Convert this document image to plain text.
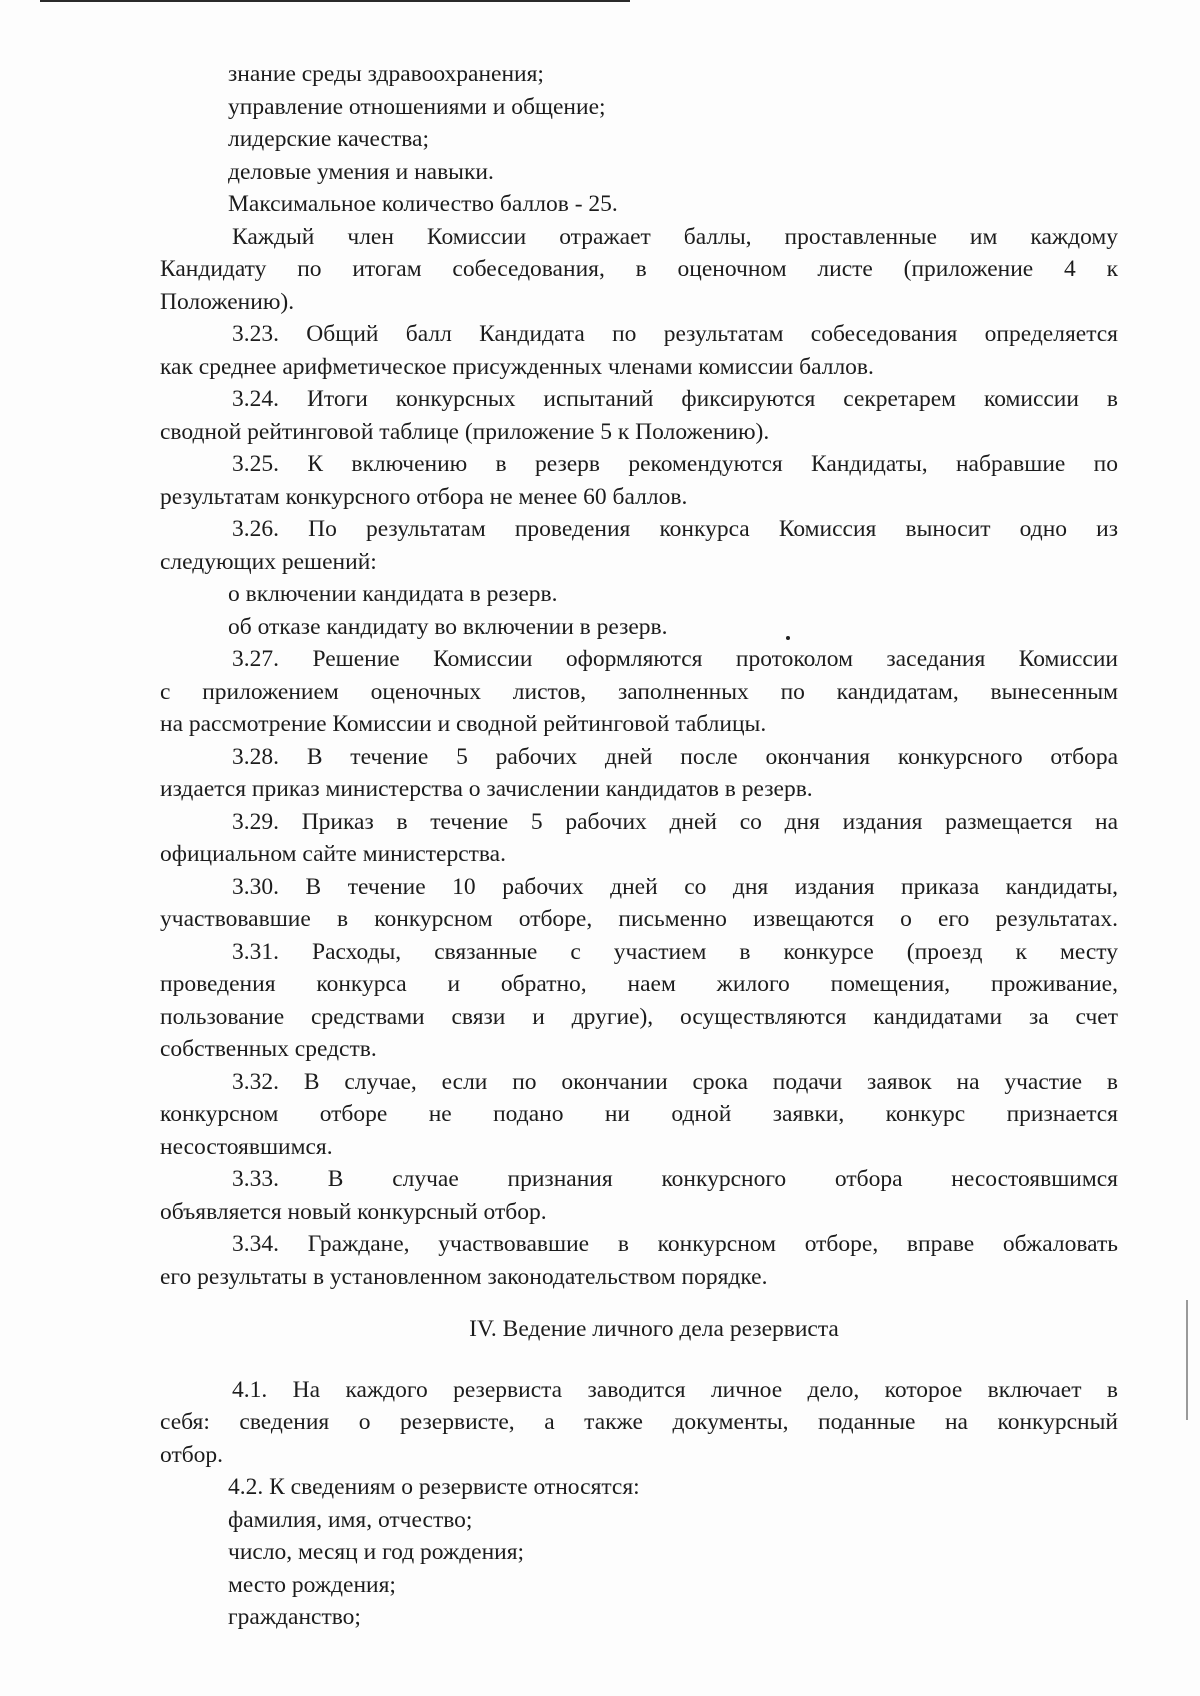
знание среды здравоохранения;
управление отношениями и общение;
лидерские качества;
деловые умения и навыки.
Максимальное количество баллов - 25.
Каждый член Комиссии отражает баллы, проставленные им каждому
Кандидату по итогам собеседования, в оценочном листе (приложение 4 к
Положению).
3.23. Общий балл Кандидата по результатам собеседования определяется
как среднее арифметическое присужденных членами комиссии баллов.
3.24. Итоги конкурсных испытаний фиксируются секретарем комиссии в
сводной рейтинговой таблице (приложение 5 к Положению).
3.25. К включению в резерв рекомендуются Кандидаты, набравшие по
результатам конкурсного отбора не менее 60 баллов.
3.26. По результатам проведения конкурса Комиссия выносит одно из
следующих решений:
о включении кандидата в резерв.
об отказе кандидату во включении в резерв.
3.27. Решение Комиссии оформляются протоколом заседания Комиссии
с приложением оценочных листов, заполненных по кандидатам, вынесенным
на рассмотрение Комиссии и сводной рейтинговой таблицы.
3.28. В течение 5 рабочих дней после окончания конкурсного отбора
издается приказ министерства о зачислении кандидатов в резерв.
3.29. Приказ в течение 5 рабочих дней со дня издания размещается на
официальном сайте министерства.
3.30. В течение 10 рабочих дней со дня издания приказа кандидаты,
участвовавшие в конкурсном отборе, письменно извещаются о его результатах.
3.31. Расходы, связанные с участием в конкурсе (проезд к месту
проведения конкурса и обратно, наем жилого помещения, проживание,
пользование средствами связи и другие), осуществляются кандидатами за счет
собственных средств.
3.32. В случае, если по окончании срока подачи заявок на участие в
конкурсном отборе не подано ни одной заявки, конкурс признается
несостоявшимся.
3.33. В случае признания конкурсного отбора несостоявшимся
объявляется новый конкурсный отбор.
3.34. Граждане, участвовавшие в конкурсном отборе, вправе обжаловать
его результаты в установленном законодательством порядке.
IV. Ведение личного дела резервиста
4.1. На каждого резервиста заводится личное дело, которое включает в
себя: сведения о резервисте, а также документы, поданные на конкурсный
отбор.
4.2. К сведениям о резервисте относятся:
фамилия, имя, отчество;
число, месяц и год рождения;
место рождения;
гражданство;
